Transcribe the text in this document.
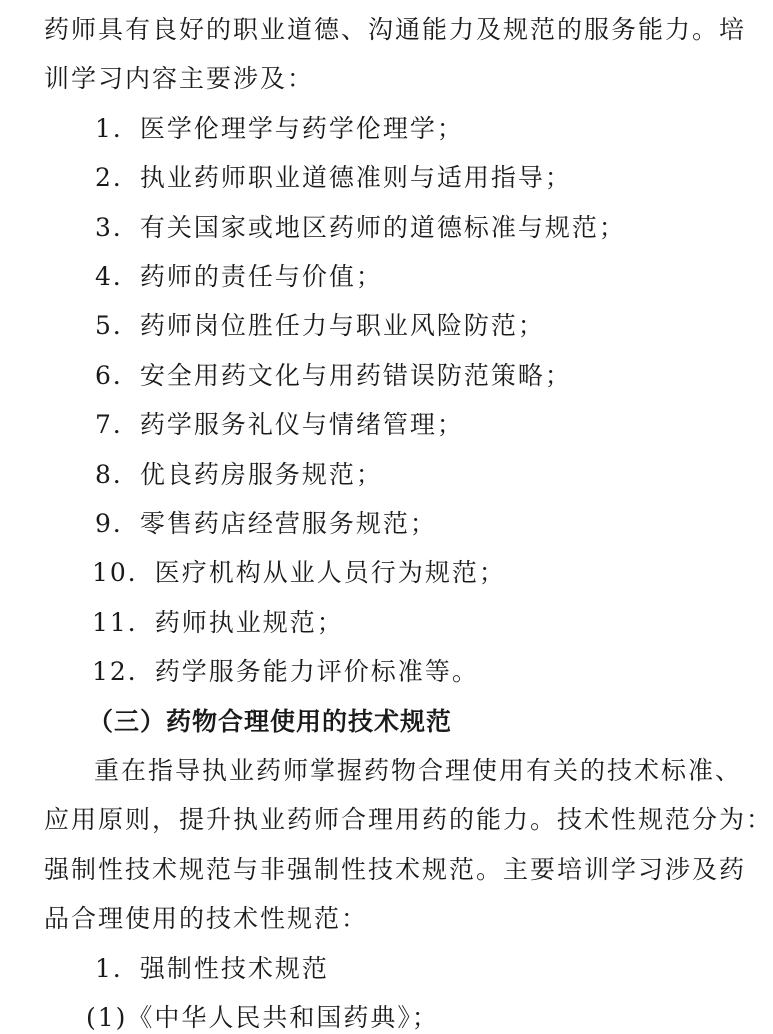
药师具有良好的职业道德、沟通能力及规范的服务能力。培
训学习内容主要涉及：
1．医学伦理学与药学伦理学；
2．执业药师职业道德准则与适用指导；
3．有关国家或地区药师的道德标准与规范；
4．药师的责任与价值；
5．药师岗位胜任力与职业风险防范；
6．安全用药文化与用药错误防范策略；
7．药学服务礼仪与情绪管理；
8．优良药房服务规范；
9．零售药店经营服务规范；
10．医疗机构从业人员行为规范；
11．药师执业规范；
12．药学服务能力评价标准等。
（三）药物合理使用的技术规范
重在指导执业药师掌握药物合理使用有关的技术标准、
应用原则，提升执业药师合理用药的能力。技术性规范分为：
强制性技术规范与非强制性技术规范。主要培训学习涉及药
品合理使用的技术性规范：
1．强制性技术规范
(1)《中华人民共和国药典》；
